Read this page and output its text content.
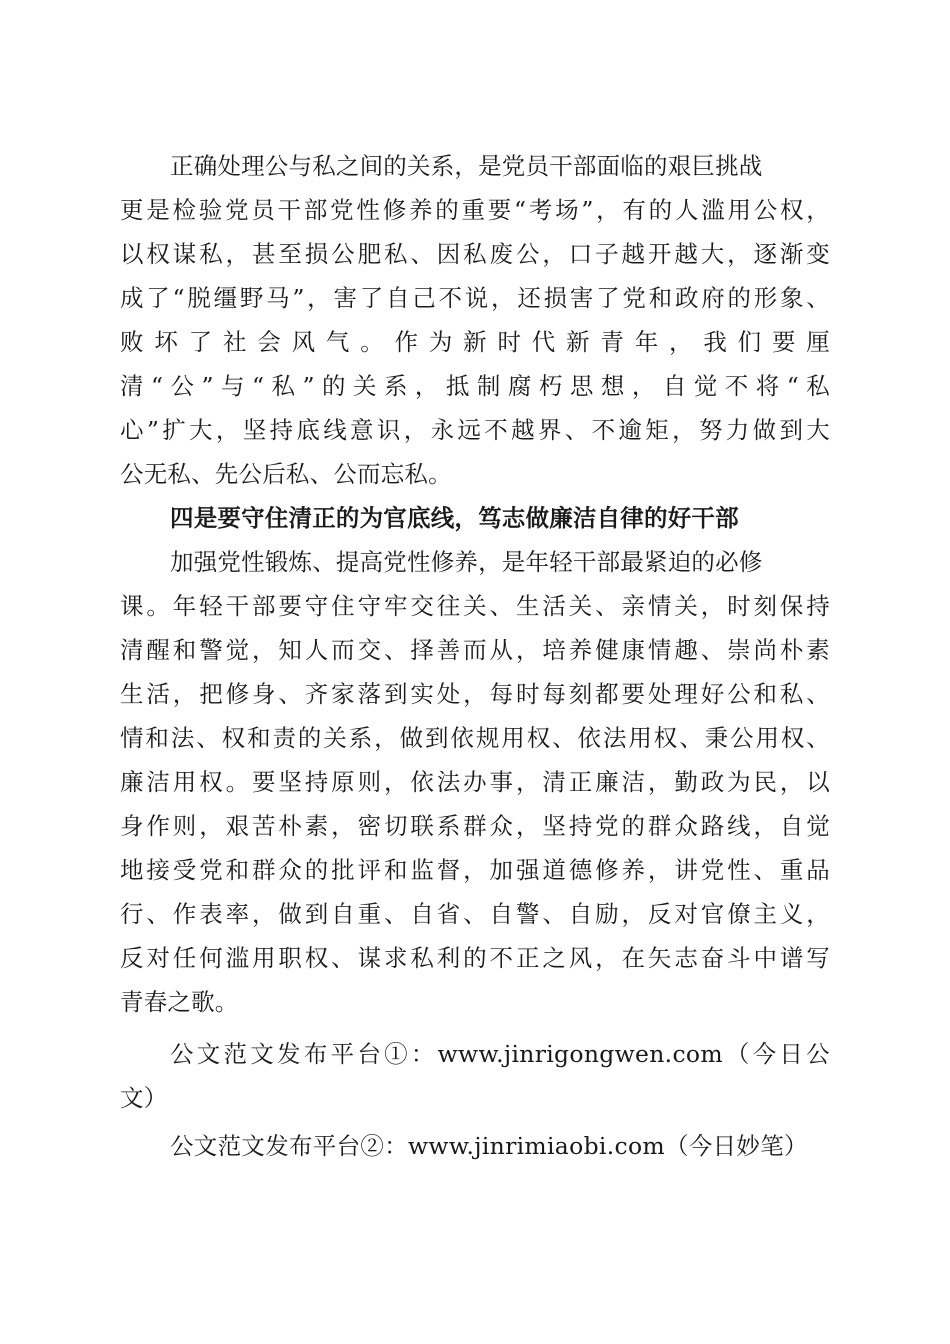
正确处理公与私之间的关系，是党员干部面临的艰巨挑战
更是检验党员干部党性修养的重要“考场”，有的人滥用公权，
以权谋私，甚至损公肥私、因私废公，口子越开越大，逐渐变
成了“脱缰野马”，害了自己不说，还损害了党和政府的形象、
败坏了社会风气。作为新时代新青年，我们要厘
清“公”与“私”的关系，抵制腐朽思想，自觉不将“私
心”扩大，坚持底线意识，永远不越界、不逾矩，努力做到大
公无私、先公后私、公而忘私。
四是要守住清正的为官底线，笃志做廉洁自律的好干部
加强党性锻炼、提高党性修养，是年轻干部最紧迫的必修
课。年轻干部要守住守牢交往关、生活关、亲情关，时刻保持
清醒和警觉，知人而交、择善而从，培养健康情趣、崇尚朴素
生活，把修身、齐家落到实处，每时每刻都要处理好公和私、
情和法、权和责的关系，做到依规用权、依法用权、秉公用权、
廉洁用权。要坚持原则，依法办事，清正廉洁，勤政为民，以
身作则，艰苦朴素，密切联系群众，坚持党的群众路线，自觉
地接受党和群众的批评和监督，加强道德修养，讲党性、重品
行、作表率，做到自重、自省、自警、自励，反对官僚主义，
反对任何滥用职权、谋求私利的不正之风，在矢志奋斗中谱写
青春之歌。
公文范文发布平台①：www.jinrigongwen.com（今日公
文）
公文范文发布平台②：www.jinrimiaobi.com（今日妙笔）
